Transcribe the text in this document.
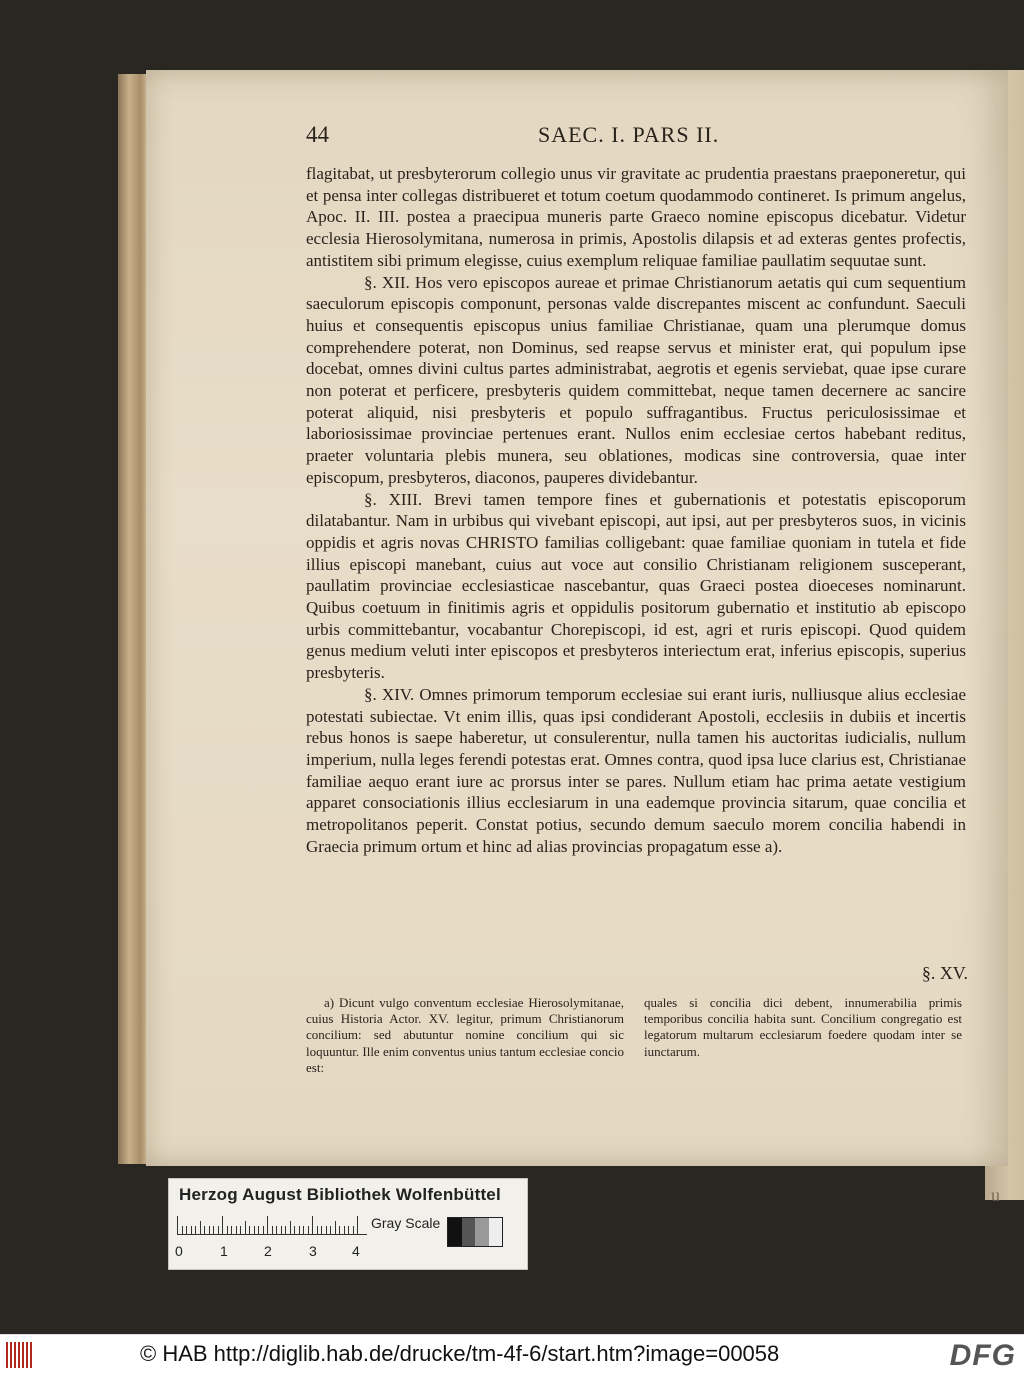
u
44	SAEC. I. PARS II.

flagitabat, ut presbyterorum collegio unus vir gravitate ac prudentia praestans praeponeretur, qui et pensa inter collegas distribueret et totum coetum quodammodo contineret. Is primum angelus, Apoc. II. III. postea a praecipua muneris parte Graeco nomine episcopus dicebatur. Videtur ecclesia Hierosolymitana, numerosa in primis, Apostolis dilapsis et ad exteras gentes profectis, antistitem sibi primum elegisse, cuius exemplum reliquae familiae paullatim sequutae sunt.

§. XII. Hos vero episcopos aureae et primae Christianorum aetatis qui cum sequentium saeculorum episcopis componunt, personas valde discrepantes miscent ac confundunt. Saeculi huius et consequentis episcopus unius familiae Christianae, quam una plerumque domus comprehendere poterat, non Dominus, sed reapse servus et minister erat, qui populum ipse docebat, omnes divini cultus partes administrabat, aegrotis et egenis serviebat, quae ipse curare non poterat et perficere, presbyteris quidem committebat, neque tamen decernere ac sancire poterat aliquid, nisi presbyteris et populo suffragantibus. Fructus periculosissimae et laboriosissimae provinciae pertenues erant. Nullos enim ecclesiae certos habebant reditus, praeter voluntaria plebis munera, seu oblationes, modicas sine controversia, quae inter episcopum, presbyteros, diaconos, pauperes dividebantur.

§. XIII. Brevi tamen tempore fines et gubernationis et potestatis episcoporum dilatabantur. Nam in urbibus qui vivebant episcopi, aut ipsi, aut per presbyteros suos, in vicinis oppidis et agris novas CHRISTO familias colligebant: quae familiae quoniam in tutela et fide illius episcopi manebant, cuius aut voce aut consilio Christianam religionem susceperant, paullatim provinciae ecclesiasticae nascebantur, quas Graeci postea dioeceses nominarunt. Quibus coetuum in finitimis agris et oppidulis positorum gubernatio et institutio ab episcopo urbis committebantur, vocabantur Chorepiscopi, id est, agri et ruris episcopi. Quod quidem genus medium veluti inter episcopos et presbyteros interiectum erat, inferius episcopis, superius presbyteris.

§. XIV. Omnes primorum temporum ecclesiae sui erant iuris, nulliusque alius ecclesiae potestati subiectae. Vt enim illis, quas ipsi condiderant Apostoli, ecclesiis in dubiis et incertis rebus honos is saepe haberetur, ut consulerentur, nulla tamen his auctoritas iudicialis, nullum imperium, nulla leges ferendi potestas erat. Omnes contra, quod ipsa luce clarius est, Christianae familiae aequo erant iure ac prorsus inter se pares. Nullum etiam hac prima aetate vestigium apparet consociationis illius ecclesiarum in una eademque provincia sitarum, quae concilia et metropolitanos peperit. Constat potius, secundo demum saeculo morem concilia habendi in Graecia primum ortum et hinc ad alias provincias propagatum esse a).

§. XV.
a) Dicunt vulgo conventum ecclesiae Hierosolymitanae, cuius Historia Actor. XV. legitur, primum Christianorum concilium: sed abutuntur nomine concilium qui sic loquuntur. Ille enim conventus unius tantum ecclesiae concio est:
quales si concilia dici debent, innumerabilia primis temporibus concilia habita sunt. Concilium congregatio est legatorum multarum ecclesiarum foedere quodam inter se iunctarum.
Herzog August Bibliothek Wolfenbüttel
Gray Scale
0	1	2	3	4
© HAB http://diglib.hab.de/drucke/tm-4f-6/start.htm?image=00058	DFG
